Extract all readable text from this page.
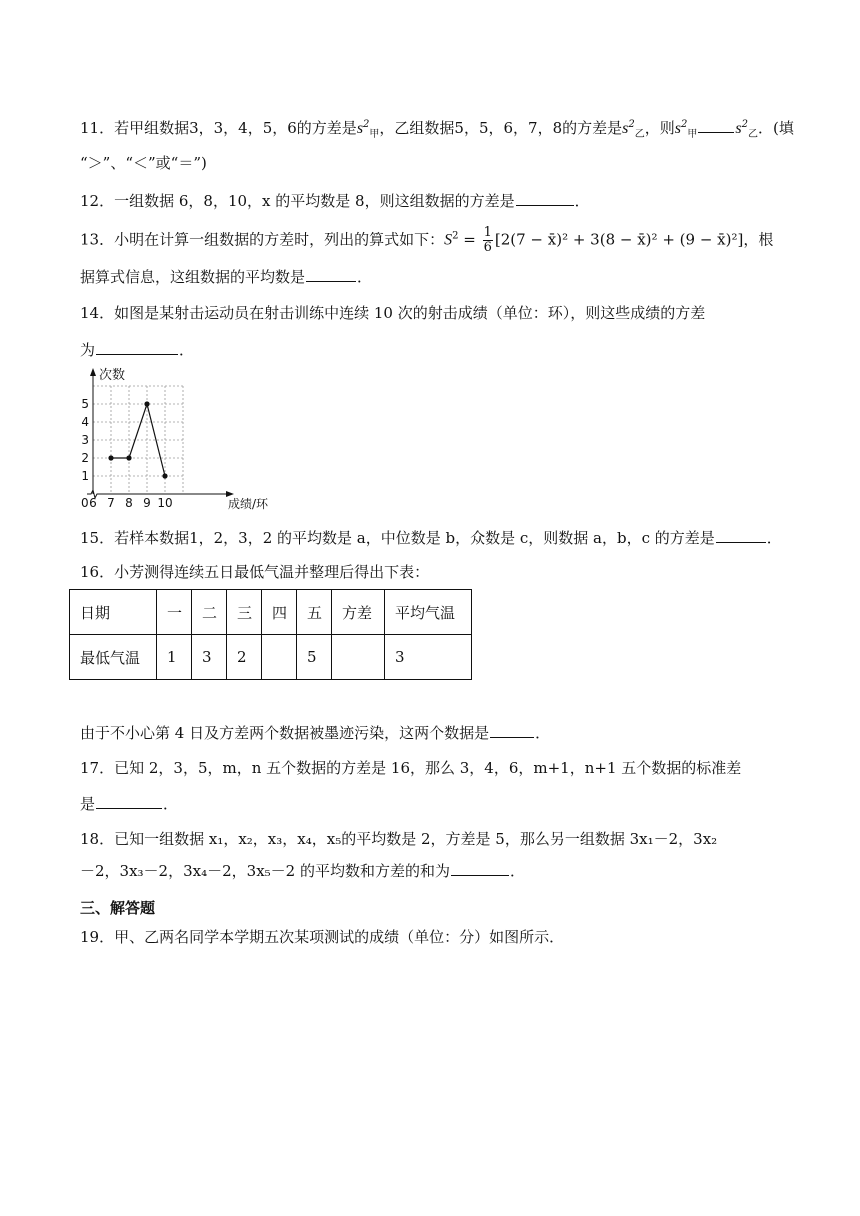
11．若甲组数据3，3，4，5，6的方差是$s^2_甲$，乙组数据5，5，6，7，8的方差是$s^2_乙$，则$s^2_甲$ $s^2_乙$．(填
“＞”、“＜”或“＝”)
12．一组数据 6，8，10，x 的平均数是 8，则这组数据的方差是	．
13．小明在计算一组数据的方差时，列出的算式如下：$S^2 = \frac{1}{6} [2(7$ − x̄)² + 3(8 − x̄)² + (9 − x̄)²]，根
据算式信息，这组数据的平均数是	．
14．如图是某射击运动员在射击训练中连续 10 次的射击成绩（单位：环），则这些成绩的方差
为	．
次数
成绩/环
0 6 7 8 9 10
1
2
3
4
5
15．若样本数据1，2，3，2 的平均数是 a，中位数是 b，众数是 c，则数据 a，b，c 的方差是	．
16．小芳测得连续五日最低气温并整理后得出下表：
日期	一	二	三	四	五	方差	平均气温
最低气温	1	3	2		5		3
由于不小心第 4 日及方差两个数据被墨迹污染，这两个数据是	．
17．已知 2，3，5，m，n 五个数据的方差是 16，那么 3，4，6，m+1，n+1 五个数据的标准差
是	．
18．已知一组数据 x₁，x₂，x₃，x₄，x₅的平均数是 2，方差是 5，那么另一组数据 3x₁－2，3x₂
－2，3x₃－2，3x₄－2，3x₅－2 的平均数和方差的和为	．
三、解答题
19．甲、乙两名同学本学期五次某项测试的成绩（单位：分）如图所示．
